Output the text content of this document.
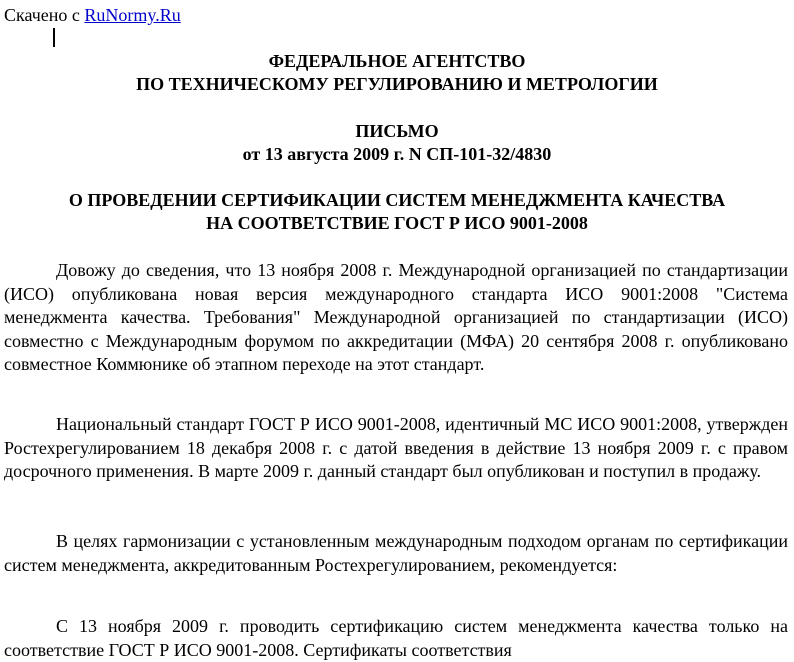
Скачено с RuNormy.Ru

ФЕДЕРАЛЬНОЕ АГЕНТСТВО

ПО ТЕХНИЧЕСКОМУ РЕГУЛИРОВАНИЮ И МЕТРОЛОГИИ

ПИСЬМО

от 13 августа 2009 г. N СП-101-32/4830

О ПРОВЕДЕНИИ СЕРТИФИКАЦИИ СИСТЕМ МЕНЕДЖМЕНТА КАЧЕСТВА

НА СООТВЕТСТВИЕ ГОСТ Р ИСО 9001-2008

Довожу до сведения, что 13 ноября 2008 г. Международной организацией по стандартизации (ИСО) опубликована новая версия международного стандарта ИСО 9001:2008 "Система менеджмента качества. Требования" Международной организацией по стандартизации (ИСО) совместно с Международным форумом по аккредитации (МФА) 20 сентября 2008 г. опубликовано совместное Коммюнике об этапном переходе на этот стандарт.

Национальный стандарт ГОСТ Р ИСО 9001-2008, идентичный МС ИСО 9001:2008, утвержден Ростехрегулированием 18 декабря 2008 г. с датой введения в действие 13 ноября 2009 г. с правом досрочного применения. В марте 2009 г. данный стандарт был опубликован и поступил в продажу.

В целях гармонизации с установленным международным подходом органам по сертификации систем менеджмента, аккредитованным Ростехрегулированием, рекомендуется:

С 13 ноября 2009 г. проводить сертификацию систем менеджмента качества только на соответствие ГОСТ Р ИСО 9001-2008. Сертификаты соответствия
